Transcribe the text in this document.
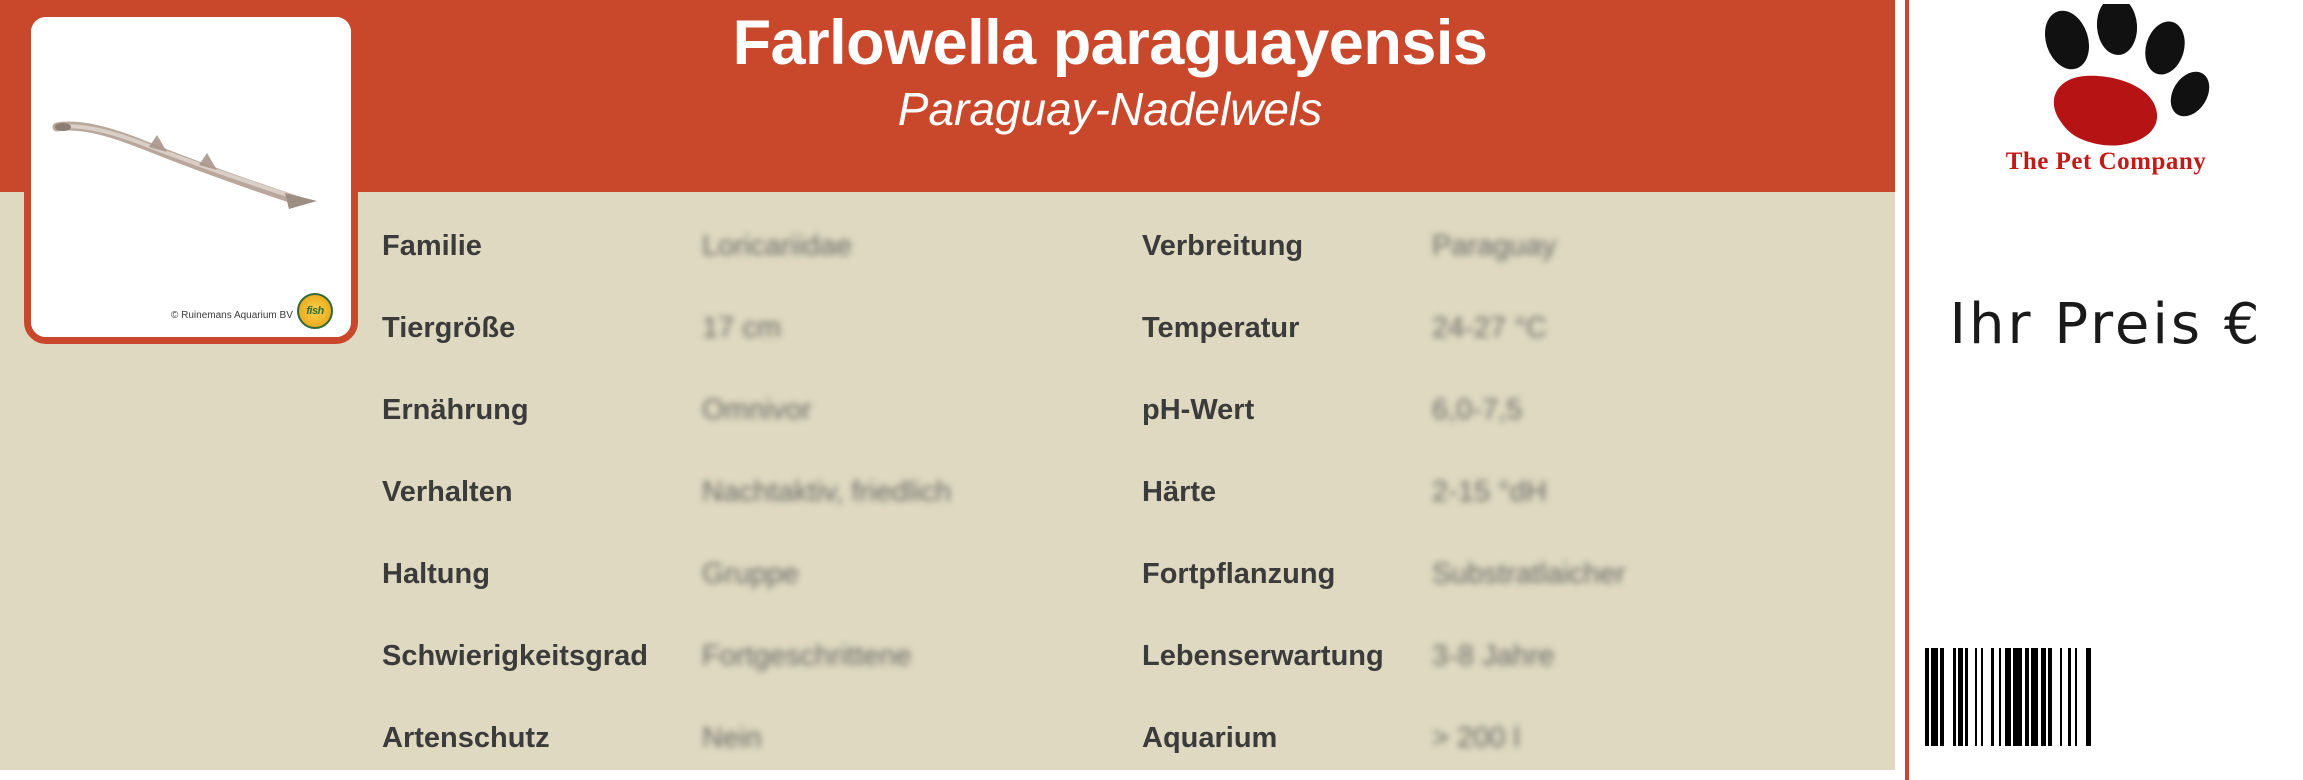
Farlowella paraguayensis
Paraguay-Nadelwels
© Ruinemans Aquarium BV fish
Familie	Loricariidae	Verbreitung	Paraguay
Tiergröße	17 cm	Temperatur	24-27 °C
Ernährung	Omnivor	pH-Wert	6,0-7,5
Verhalten	Nachtaktiv, friedlich	Härte	2-15 °dH
Haltung	Gruppe	Fortpflanzung	Substratlaicher
Schwierigkeitsgrad	Fortgeschrittene	Lebenserwartung	3-8 Jahre
Artenschutz	Nein	Aquarium	> 200 l
The Pet Company
Ihr Preis €
